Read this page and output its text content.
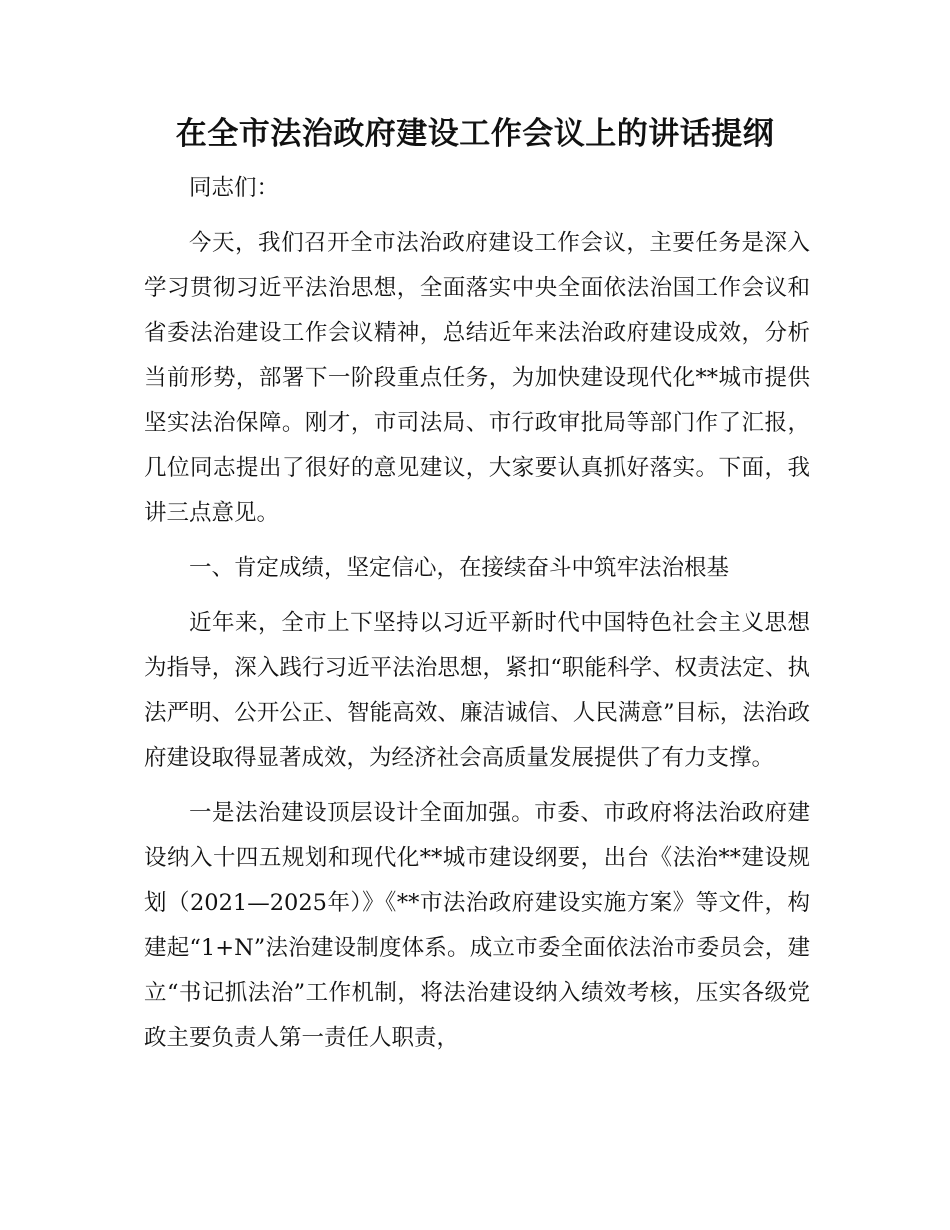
在全市法治政府建设工作会议上的讲话提纲

同志们：

今天，我们召开全市法治政府建设工作会议，主要任务是深入学习贯彻习近平法治思想，全面落实中央全面依法治国工作会议和省委法治建设工作会议精神，总结近年来法治政府建设成效，分析当前形势，部署下一阶段重点任务，为加快建设现代化**城市提供坚实法治保障。刚才，市司法局、市行政审批局等部门作了汇报，几位同志提出了很好的意见建议，大家要认真抓好落实。下面，我讲三点意见。

一、肯定成绩，坚定信心，在接续奋斗中筑牢法治根基

近年来，全市上下坚持以习近平新时代中国特色社会主义思想为指导，深入践行习近平法治思想，紧扣“职能科学、权责法定、执法严明、公开公正、智能高效、廉洁诚信、人民满意”目标，法治政府建设取得显著成效，为经济社会高质量发展提供了有力支撑。

一是法治建设顶层设计全面加强。市委、市政府将法治政府建设纳入十四五规划和现代化**城市建设纲要，出台《法治**建设规划（2021—2025年）》《**市法治政府建设实施方案》等文件，构建起“1+N”法治建设制度体系。成立市委全面依法治市委员会，建立“书记抓法治”工作机制，将法治建设纳入绩效考核，压实各级党政主要负责人第一责任人职责，
